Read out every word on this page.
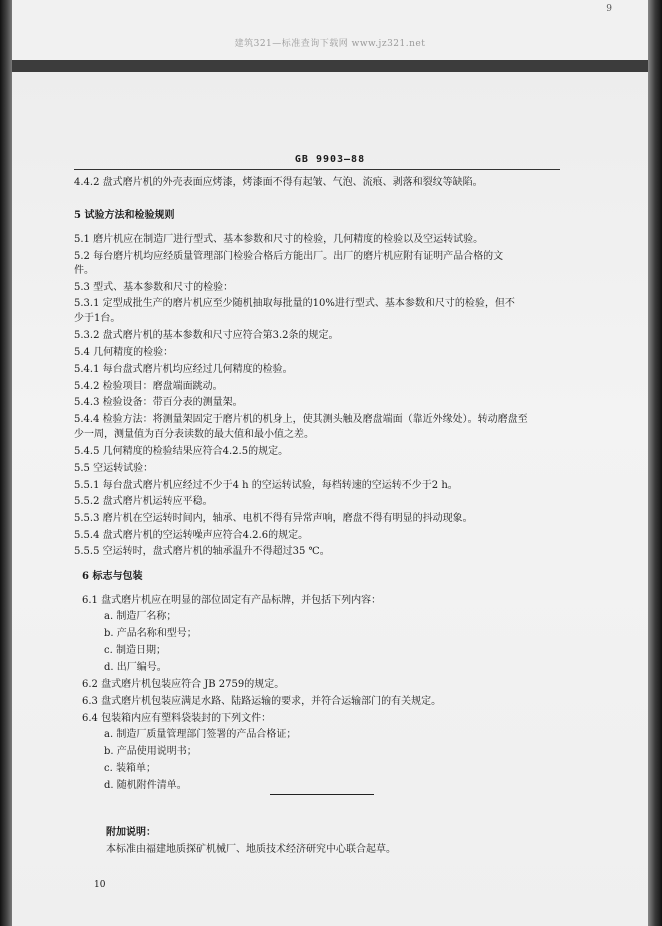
9
建筑321—标准查询下载网 www.jz321.net
GB 9903—88
4.4.2 盘式磨片机的外壳表面应烤漆，烤漆面不得有起皱、气泡、流痕、剥落和裂纹等缺陷。
5 试验方法和检验规则
5.1 磨片机应在制造厂进行型式、基本参数和尺寸的检验，几何精度的检验以及空运转试验。
5.2 每台磨片机均应经质量管理部门检验合格后方能出厂。出厂的磨片机应附有证明产品合格的文
件。
5.3 型式、基本参数和尺寸的检验：
5.3.1 定型成批生产的磨片机应至少随机抽取每批量的10%进行型式、基本参数和尺寸的检验，但不
少于1台。
5.3.2 盘式磨片机的基本参数和尺寸应符合第3.2条的规定。
5.4 几何精度的检验：
5.4.1 每台盘式磨片机均应经过几何精度的检验。
5.4.2 检验项目：磨盘端面跳动。
5.4.3 检验设备：带百分表的测量架。
5.4.4 检验方法：将测量架固定于磨片机的机身上，使其测头触及磨盘端面（靠近外缘处）。转动磨盘至
少一周，测量值为百分表读数的最大值和最小值之差。
5.4.5 几何精度的检验结果应符合4.2.5的规定。
5.5 空运转试验：
5.5.1 每台盘式磨片机应经过不少于4 h 的空运转试验，每档转速的空运转不少于2 h。
5.5.2 盘式磨片机运转应平稳。
5.5.3 磨片机在空运转时间内，轴承、电机不得有异常声响，磨盘不得有明显的抖动现象。
5.5.4 盘式磨片机的空运转噪声应符合4.2.6的规定。
5.5.5 空运转时，盘式磨片机的轴承温升不得超过35 ℃。
6 标志与包装
6.1 盘式磨片机应在明显的部位固定有产品标牌，并包括下列内容：
a. 制造厂名称；
b. 产品名称和型号；
c. 制造日期；
d. 出厂编号。
6.2 盘式磨片机包装应符合 JB 2759的规定。
6.3 盘式磨片机包装应满足水路、陆路运输的要求，并符合运输部门的有关规定。
6.4 包装箱内应有塑料袋装封的下列文件：
a. 制造厂质量管理部门签署的产品合格证；
b. 产品使用说明书；
c. 装箱单；
d. 随机附件清单。
附加说明：
本标准由福建地质探矿机械厂、地质技术经济研究中心联合起草。
10
